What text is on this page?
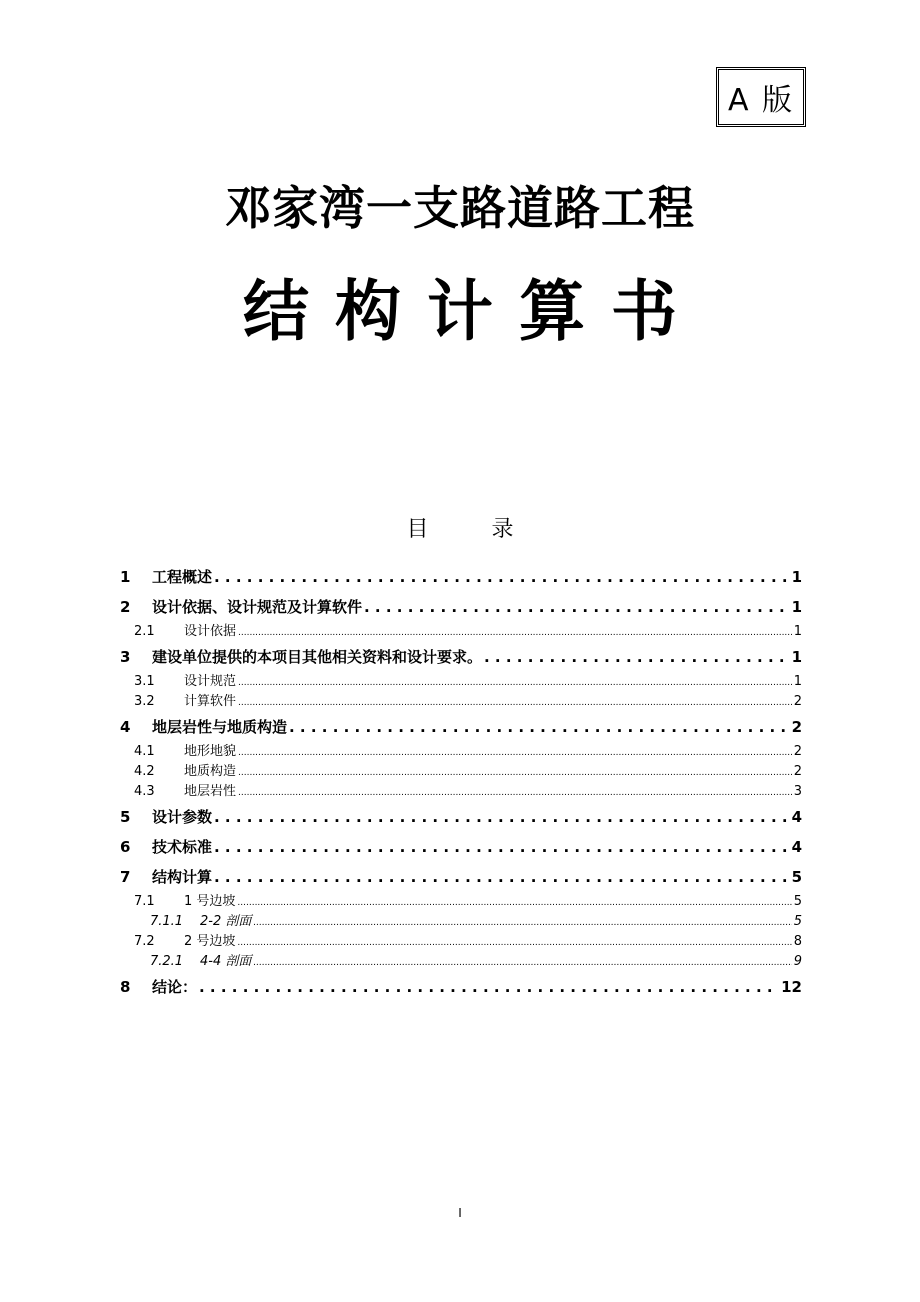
A 版
邓家湾一支路道路工程
结构计算书
目 录
1	工程概述 . . .	1
2	设计依据、设计规范及计算软件 . . .	1
2.1	设计依据 .....	1
3	建设单位提供的本项目其他相关资料和设计要求。 . . .	1
3.1	设计规范 .....	1
3.2	计算软件 .....	2
4	地层岩性与地质构造 . . .	2
4.1	地形地貌 .....	2
4.2	地质构造 .....	2
4.3	地层岩性 .....	3
5	设计参数 . . .	4
6	技术标准 . . .	4
7	结构计算 . . .	5
7.1	1 号边坡 .....	5
7.1.1	2-2 剖面 .....	5
7.2	2 号边坡 .....	8
7.2.1	4-4 剖面 .....	9
8	结论： . . .	12
I
